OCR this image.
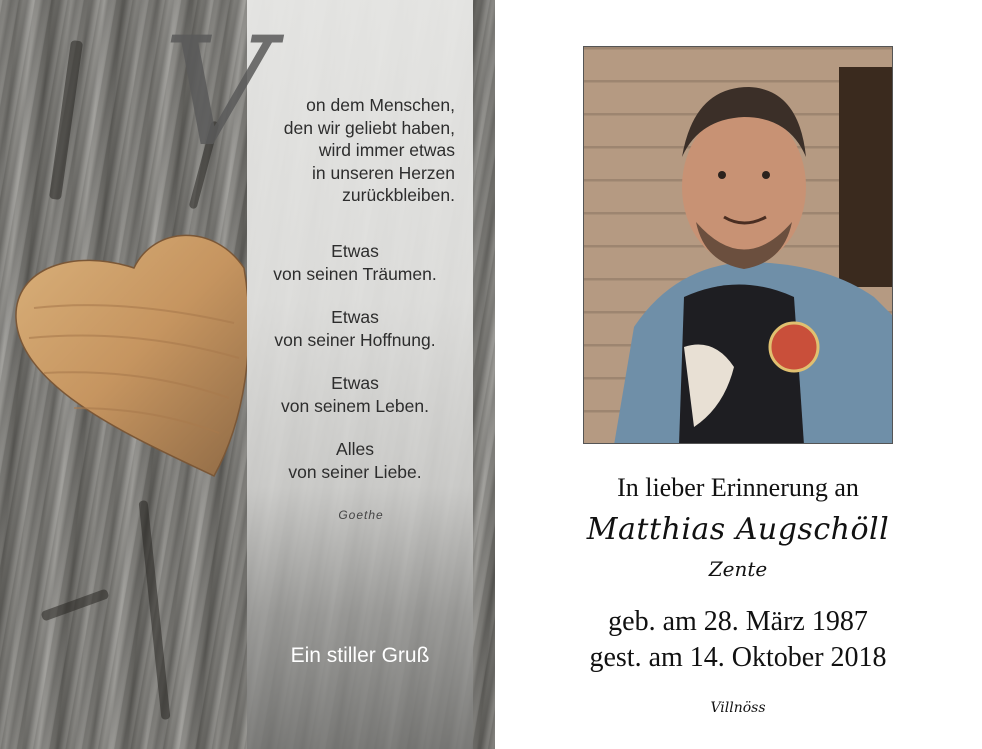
V	on dem Menschen,
den wir geliebt haben,
wird immer etwas
in unseren Herzen
zurückbleiben.
Etwas
von seinen Träumen.
Etwas
von seiner Hoffnung.
Etwas
von seinem Leben.
Alles
von seiner Liebe.
Goethe
Ein stiller Gruß
In lieber Erinnerung an
Matthias Augschöll
Zente
geb. am 28. März 1987
gest. am 14. Oktober 2018
Villnöss
